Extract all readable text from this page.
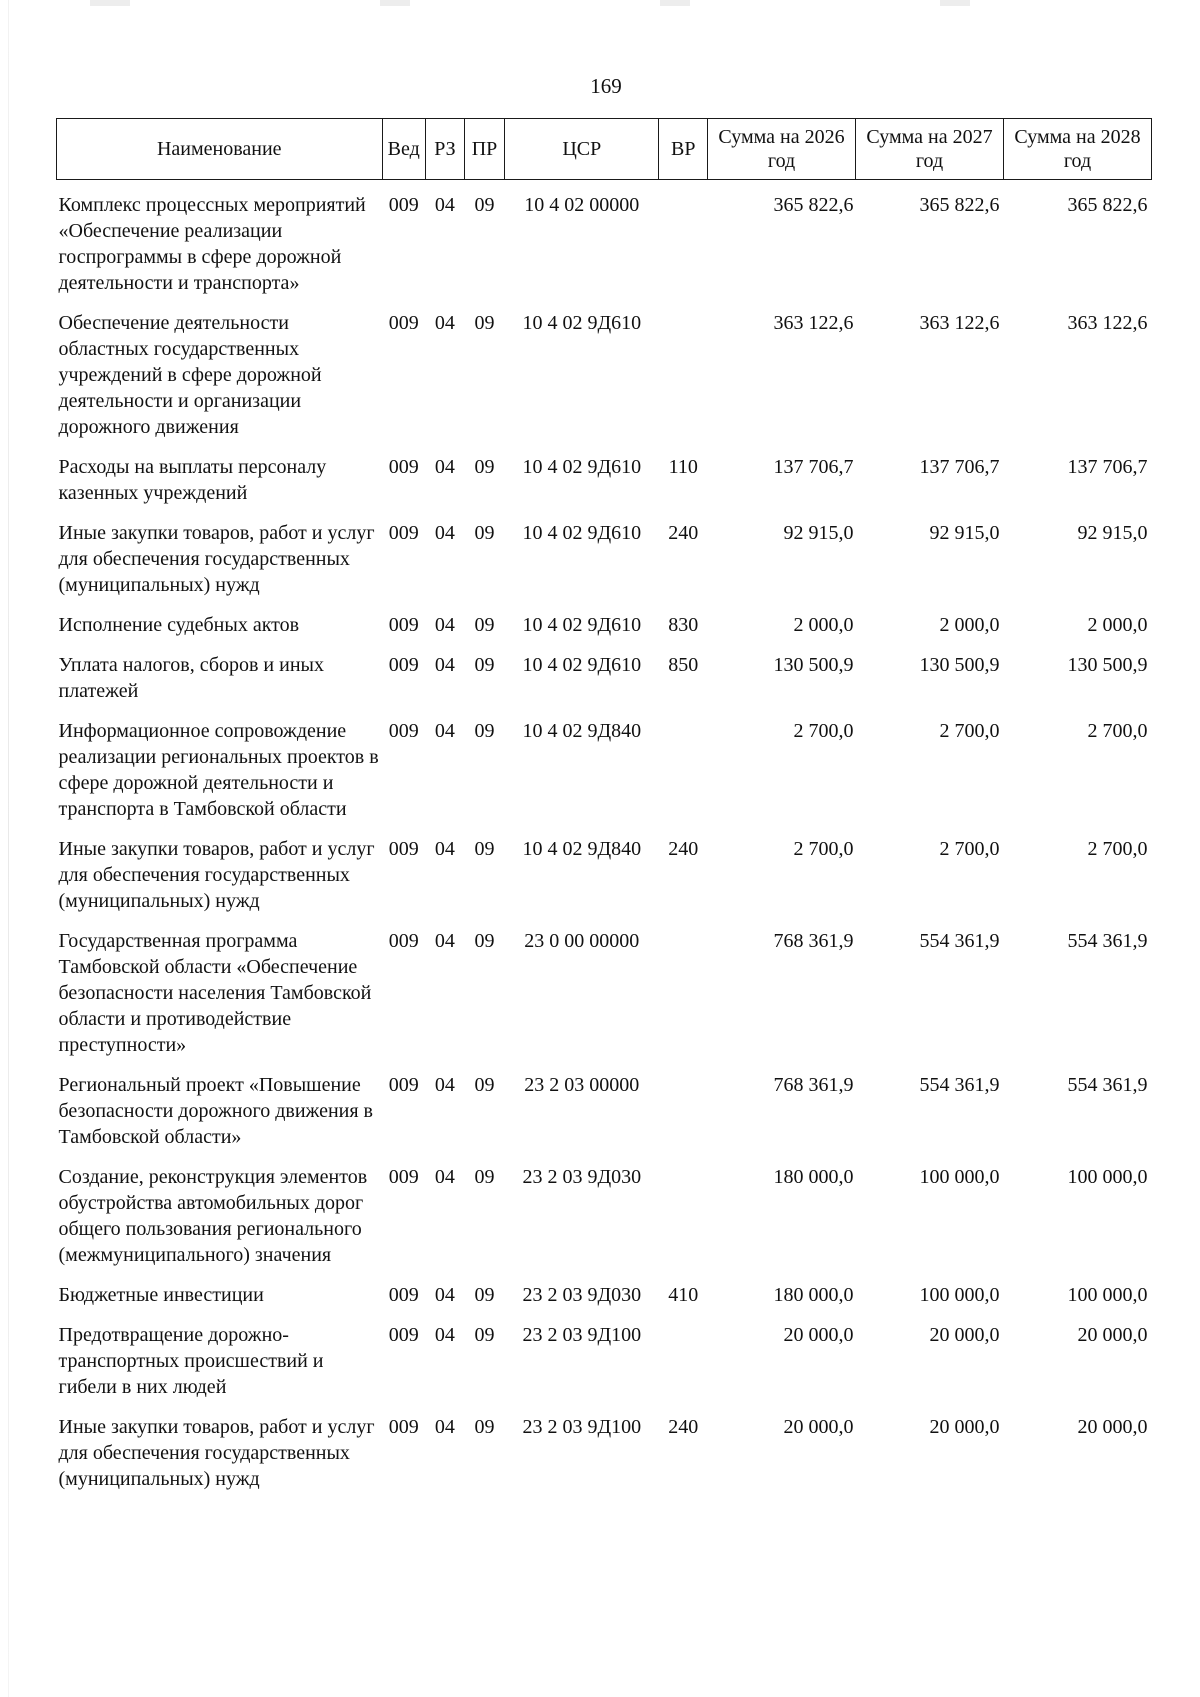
169
Наименование	Вед	РЗ	ПР	ЦСР	ВР	Сумма на 2026 год	Сумма на 2027 год	Сумма на 2028 год
Комплекс процессных мероприятий «Обеспечение реализации госпрограммы в сфере дорожной деятельности и транспорта»	009	04	09	10 4 02 00000		365 822,6	365 822,6	365 822,6
Обеспечение деятельности областных государственных учреждений в сфере дорожной деятельности и организации дорожного движения	009	04	09	10 4 02 9Д610		363 122,6	363 122,6	363 122,6
Расходы на выплаты персоналу казенных учреждений	009	04	09	10 4 02 9Д610	110	137 706,7	137 706,7	137 706,7
Иные закупки товаров, работ и услуг для обеспечения государственных (муниципальных) нужд	009	04	09	10 4 02 9Д610	240	92 915,0	92 915,0	92 915,0
Исполнение судебных актов	009	04	09	10 4 02 9Д610	830	2 000,0	2 000,0	2 000,0
Уплата налогов, сборов и иных платежей	009	04	09	10 4 02 9Д610	850	130 500,9	130 500,9	130 500,9
Информационное сопровождение реализации региональных проектов в сфере дорожной деятельности и транспорта в Тамбовской области	009	04	09	10 4 02 9Д840		2 700,0	2 700,0	2 700,0
Иные закупки товаров, работ и услуг для обеспечения государственных (муниципальных) нужд	009	04	09	10 4 02 9Д840	240	2 700,0	2 700,0	2 700,0
Государственная программа Тамбовской области «Обеспечение безопасности населения Тамбовской области и противодействие преступности»	009	04	09	23 0 00 00000		768 361,9	554 361,9	554 361,9
Региональный проект «Повышение безопасности дорожного движения в Тамбовской области»	009	04	09	23 2 03 00000		768 361,9	554 361,9	554 361,9
Создание, реконструкция элементов обустройства автомобильных дорог общего пользования регионального (межмуниципального) значения	009	04	09	23 2 03 9Д030		180 000,0	100 000,0	100 000,0
Бюджетные инвестиции	009	04	09	23 2 03 9Д030	410	180 000,0	100 000,0	100 000,0
Предотвращение дорожно-транспортных происшествий и гибели в них людей	009	04	09	23 2 03 9Д100		20 000,0	20 000,0	20 000,0
Иные закупки товаров, работ и услуг для обеспечения государственных (муниципальных) нужд	009	04	09	23 2 03 9Д100	240	20 000,0	20 000,0	20 000,0
